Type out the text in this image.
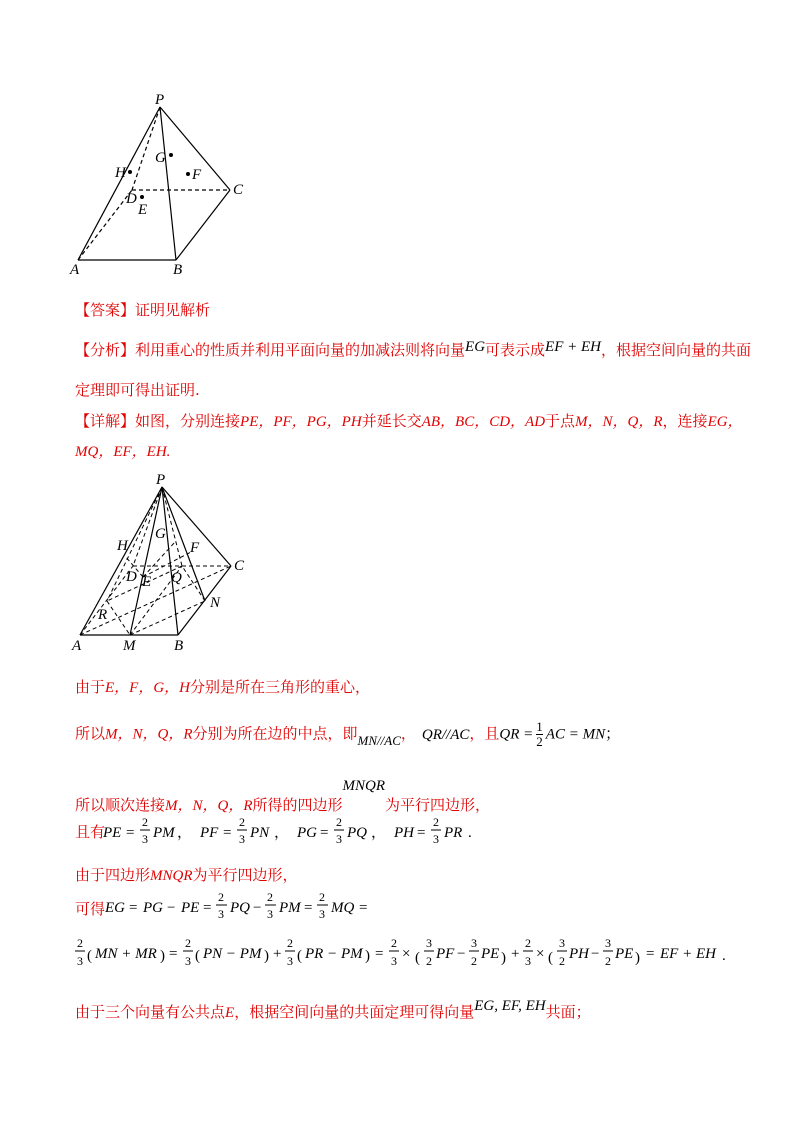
P
G
H	F
D
E
C
A	B
【答案】证明见解析
【分析】利用重心的性质并利用平面向量的加减法则将向量EG可表示成EF + EH，根据空间向量的共面
定理即可得出证明.
【详解】如图，分别连接PE，PF，PG，PH并延长交AB，BC，CD，AD于点M，N，Q，R，连接EG，
MQ，EF，EH.
P
H
G
F
D E Q
C
N
R
A	M	B
由于E，F，G，H分别是所在三角形的重心，
所以M，N，Q，R分别为所在边的中点，即MN//AC， QR//AC，且QR = $\frac{1}{2}$ AC = MN；
所以顺次连接M，N，Q，R所得的四边形MNQR为平行四边形，
且有
PE =
2
3 PM ， PF =
2
3 PN ， PG =
2
3 PQ ， PH =
2
3 PR .
由于四边形MNQR为平行四边形，
可得 EG = PG − PE =
2
3 PQ −
2
3 PM =
2
3 MQ =
2
3 ( MN + MR ) =
2
3 ( PN − PM ) +
2
3 ( PR − PM ) =
2
3 × (
3
2 PF −
3
2 PE ) +
2
3 × (
3
2 PH −
3
2 PE ) = EF + EH .
由于三个向量有公共点E，根据空间向量的共面定理可得向量EG, EF, EH共面；
